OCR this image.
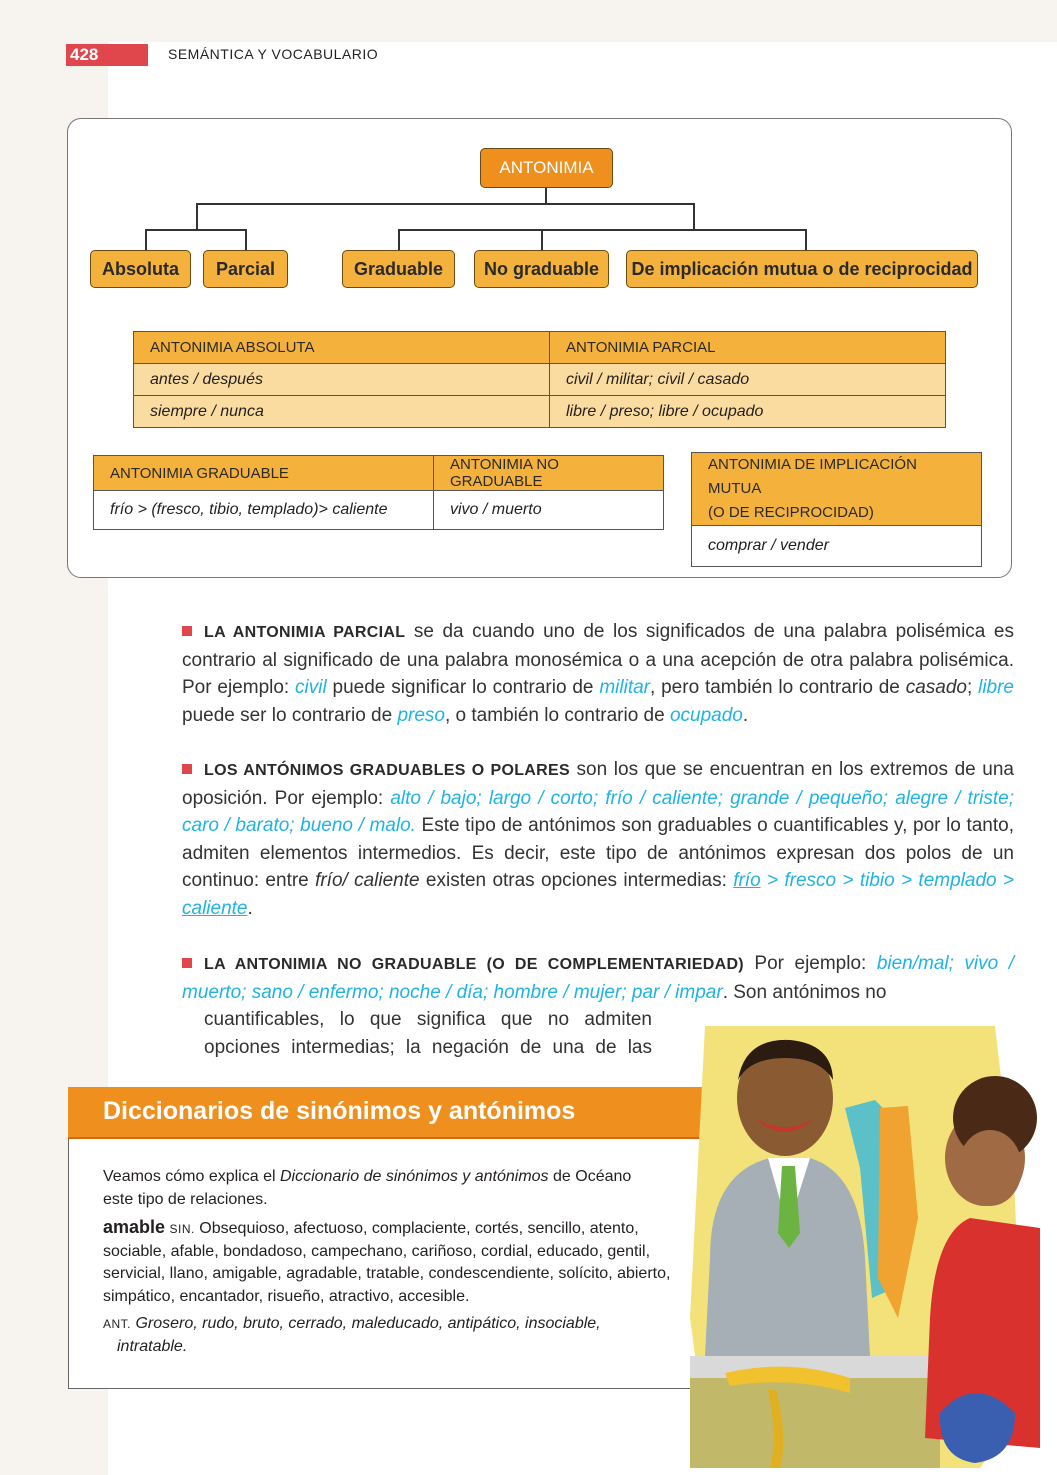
428	SEMÁNTICA Y VOCABULARIO
ANTONIMIA
Absoluta	Parcial	Graduable	No graduable	De implicación mutua o de reciprocidad
ANTONIMIA ABSOLUTA	ANTONIMIA PARCIAL
antes / después	civil / militar; civil / casado
siempre / nunca	libre / preso; libre / ocupado
ANTONIMIA GRADUABLE	ANTONIMIA NO GRADUABLE
frío > (fresco, tibio, templado)> caliente	vivo / muerto
ANTONIMIA DE IMPLICACIÓN MUTUA
(O DE RECIPROCIDAD)
comprar / vender
LA ANTONIMIA PARCIAL se da cuando uno de los significados de una palabra polisémica es contrario al significado de una palabra monosémica o a una acepción de otra palabra polisémica. Por ejemplo: civil puede significar lo contrario de militar, pero también lo contrario de casado; libre puede ser lo contrario de preso, o también lo contrario de ocupado.
LOS ANTÓNIMOS GRADUABLES O POLARES son los que se encuentran en los extremos de una oposición. Por ejemplo: alto / bajo; largo / corto; frío / caliente; grande / pequeño; alegre / triste; caro / barato; bueno / malo. Este tipo de antónimos son graduables o cuantificables y, por lo tanto, admiten elementos intermedios. Es decir, este tipo de antónimos expresan dos polos de un continuo: entre frío/ caliente existen otras opciones intermedias: frío > fresco > tibio > templado > caliente.
LA ANTONIMIA NO GRADUABLE (O DE COMPLEMENTARIEDAD) Por ejemplo: bien/mal; vivo / muerto; sano / enfermo; noche / día; hombre / mujer; par / impar. Son antónimos no
cuantificables, lo que significa que no admiten
opciones intermedias; la negación de una de las
Diccionarios de sinónimos y antónimos
Veamos cómo explica el Diccionario de sinónimos y antónimos de Océano
este tipo de relaciones.
amable SIN. Obsequioso, afectuoso, complaciente, cortés, sencillo, atento, sociable, afable, bondadoso, campechano, cariñoso, cordial, educado, gentil, servicial, llano, amigable, agradable, tratable, condescendiente, solícito, abierto, simpático, encantador, risueño, atractivo, accesible.
ANT. Grosero, rudo, bruto, cerrado, maleducado, antipático, insociable, intratable.
